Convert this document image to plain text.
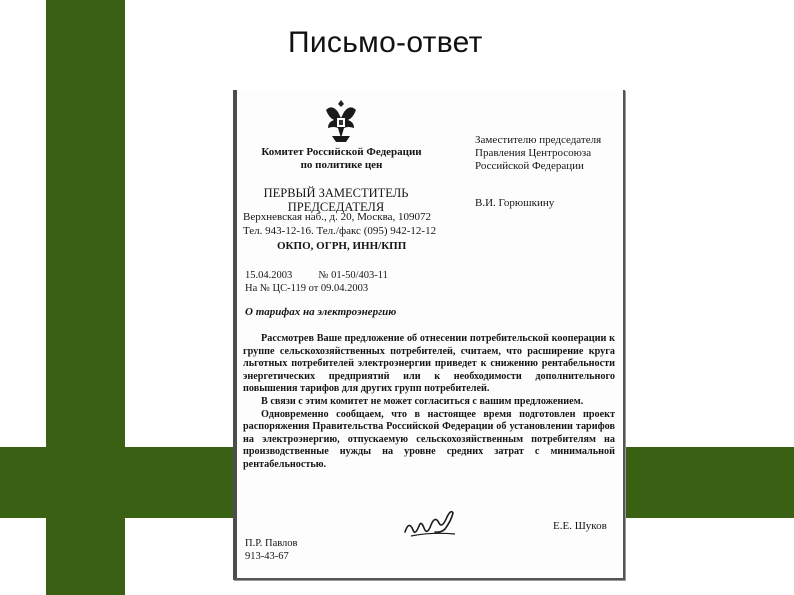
Письмо-ответ
Комитет Российской Федерации
по политике цен
ПЕРВЫЙ ЗАМЕСТИТЕЛЬ
ПРЕДСЕДАТЕЛЯ
Верхневская наб., д. 20, Москва, 109072
Тел. 943-12-16. Тел./факс (095) 942-12-12
ОКПО, ОГРН, ИНН/КПП
Заместителю председателя
Правления Центросоюза
Российской Федерации
В.И. Горюшкину
15.04.2003          № 01-50/403-11
На № ЦС-119 от 09.04.2003
О тарифах на электроэнергию

Рассмотрев Ваше предложение об отнесении потребительской кооперации к группе сельскохозяйственных потребителей, считаем, что расширение круга льготных потребителей электроэнергии приведет к снижению рентабельности энергетических предприятий или к необходимости дополнительного повышения тарифов для других групп потребителей.

В связи с этим комитет не может согласиться с вашим предложением.

Одновременно сообщаем, что в настоящее время подготовлен проект распоряжения Правительства Российской Федерации об установлении тарифов на электроэнергию, отпускаемую сельскохозяйственным потребителям на производственные нужды на уровне средних затрат с минимальной рентабельностью.

Е.Е. Шуков
П.Р. Павлов
913-43-67
